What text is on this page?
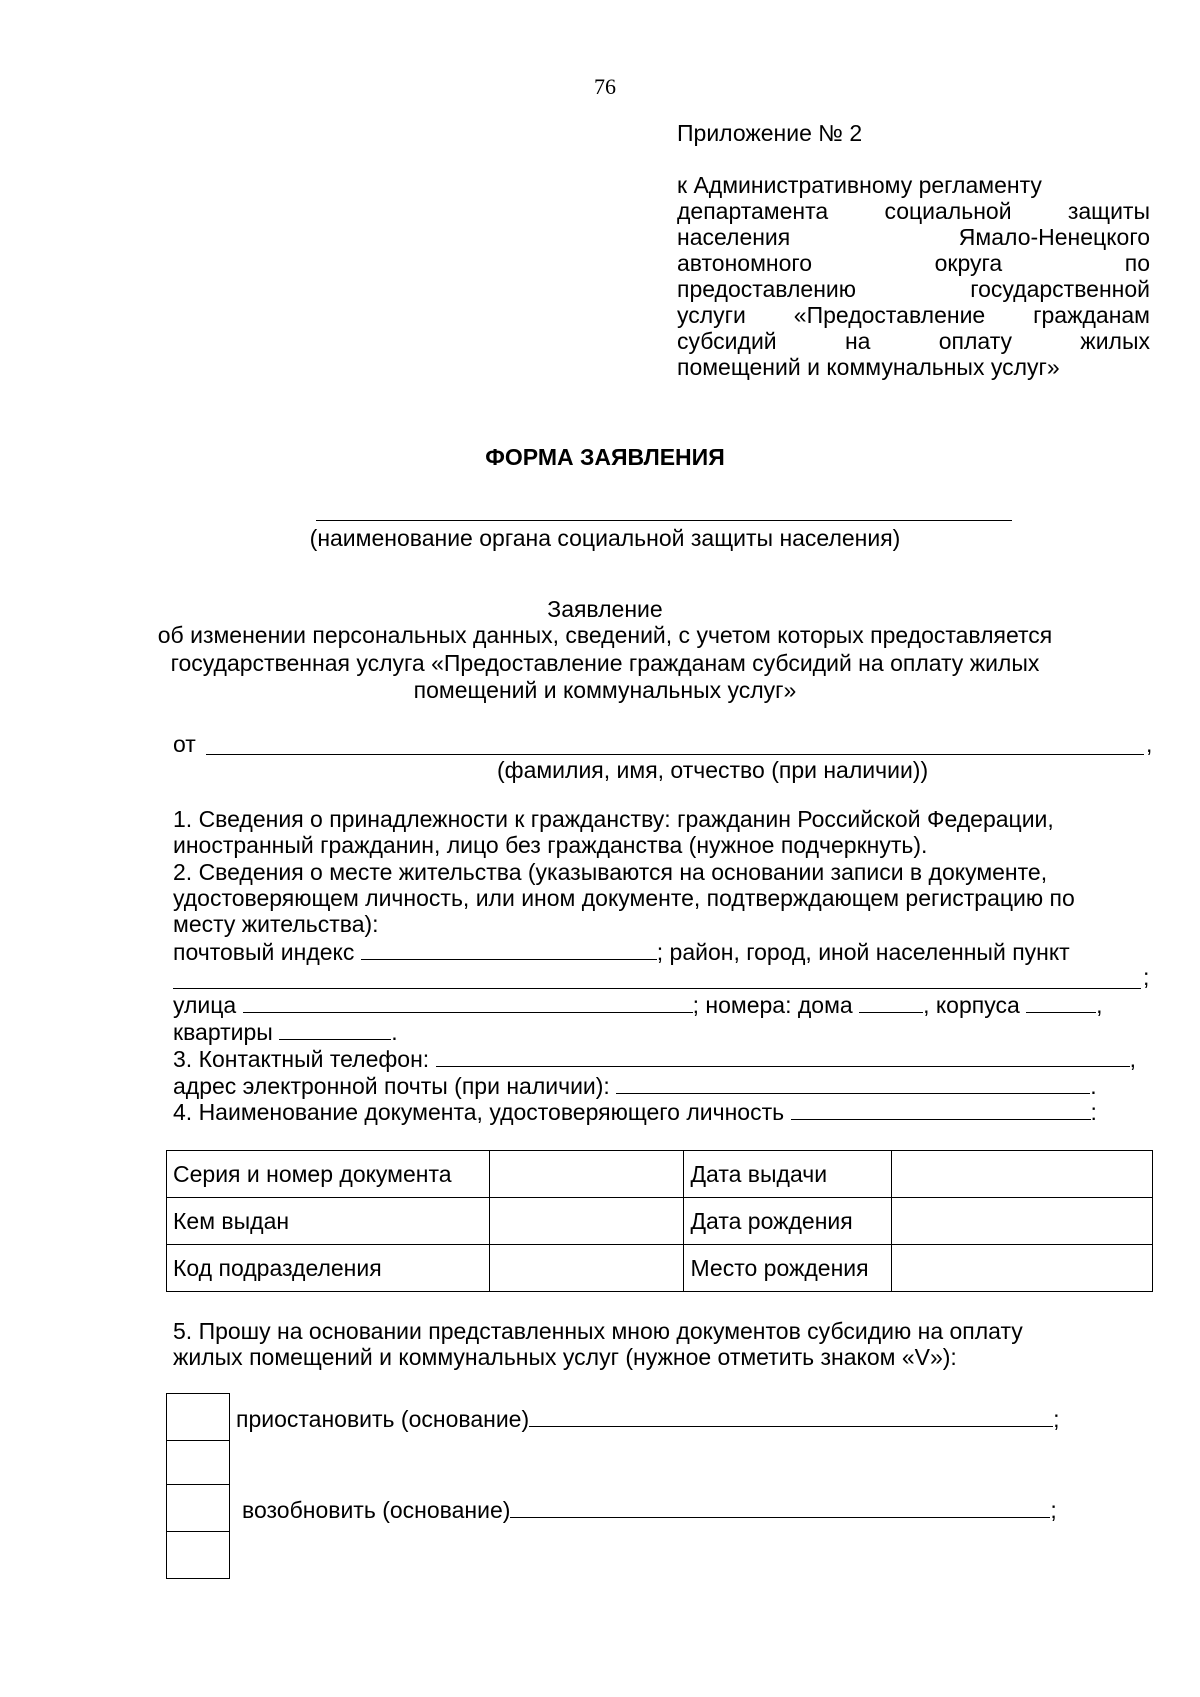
76
Приложение № 2
к Административному регламенту
департамента социальной защиты
населения Ямало-Ненецкого
автономного округа по
предоставлению государственной
услуги «Предоставление гражданам
субсидий на оплату жилых
помещений и коммунальных услуг»
ФОРМА ЗАЯВЛЕНИЯ
(наименование органа социальной защиты населения)
Заявление
об изменении персональных данных, сведений, с учетом которых предоставляется
государственная услуга «Предоставление гражданам субсидий на оплату жилых
помещений и коммунальных услуг»
от	,
(фамилия, имя, отчество (при наличии))
1. Сведения о принадлежности к гражданству: гражданин Российской Федерации,
иностранный гражданин, лицо без гражданства (нужное подчеркнуть).
2. Сведения о месте жительства (указываются на основании записи в документе,
удостоверяющем личность, или ином документе, подтверждающем регистрацию по
месту жительства):
почтовый индекс	; район, город, иной населенный пункт
;
улица	; номера: дома	, корпуса	,
квартиры	.
3. Контактный телефон:	,
адрес электронной почты (при наличии):	.
4. Наименование документа, удостоверяющего личность	:
Серия и номер документа		Дата выдачи	
Кем выдан		Дата рождения	
Код подразделения		Место рождения	
5. Прошу на основании представленных мною документов субсидию на оплату
жилых помещений и коммунальных услуг (нужное отметить знаком «V»):
приостановить (основание)	;
возобновить (основание)	;
